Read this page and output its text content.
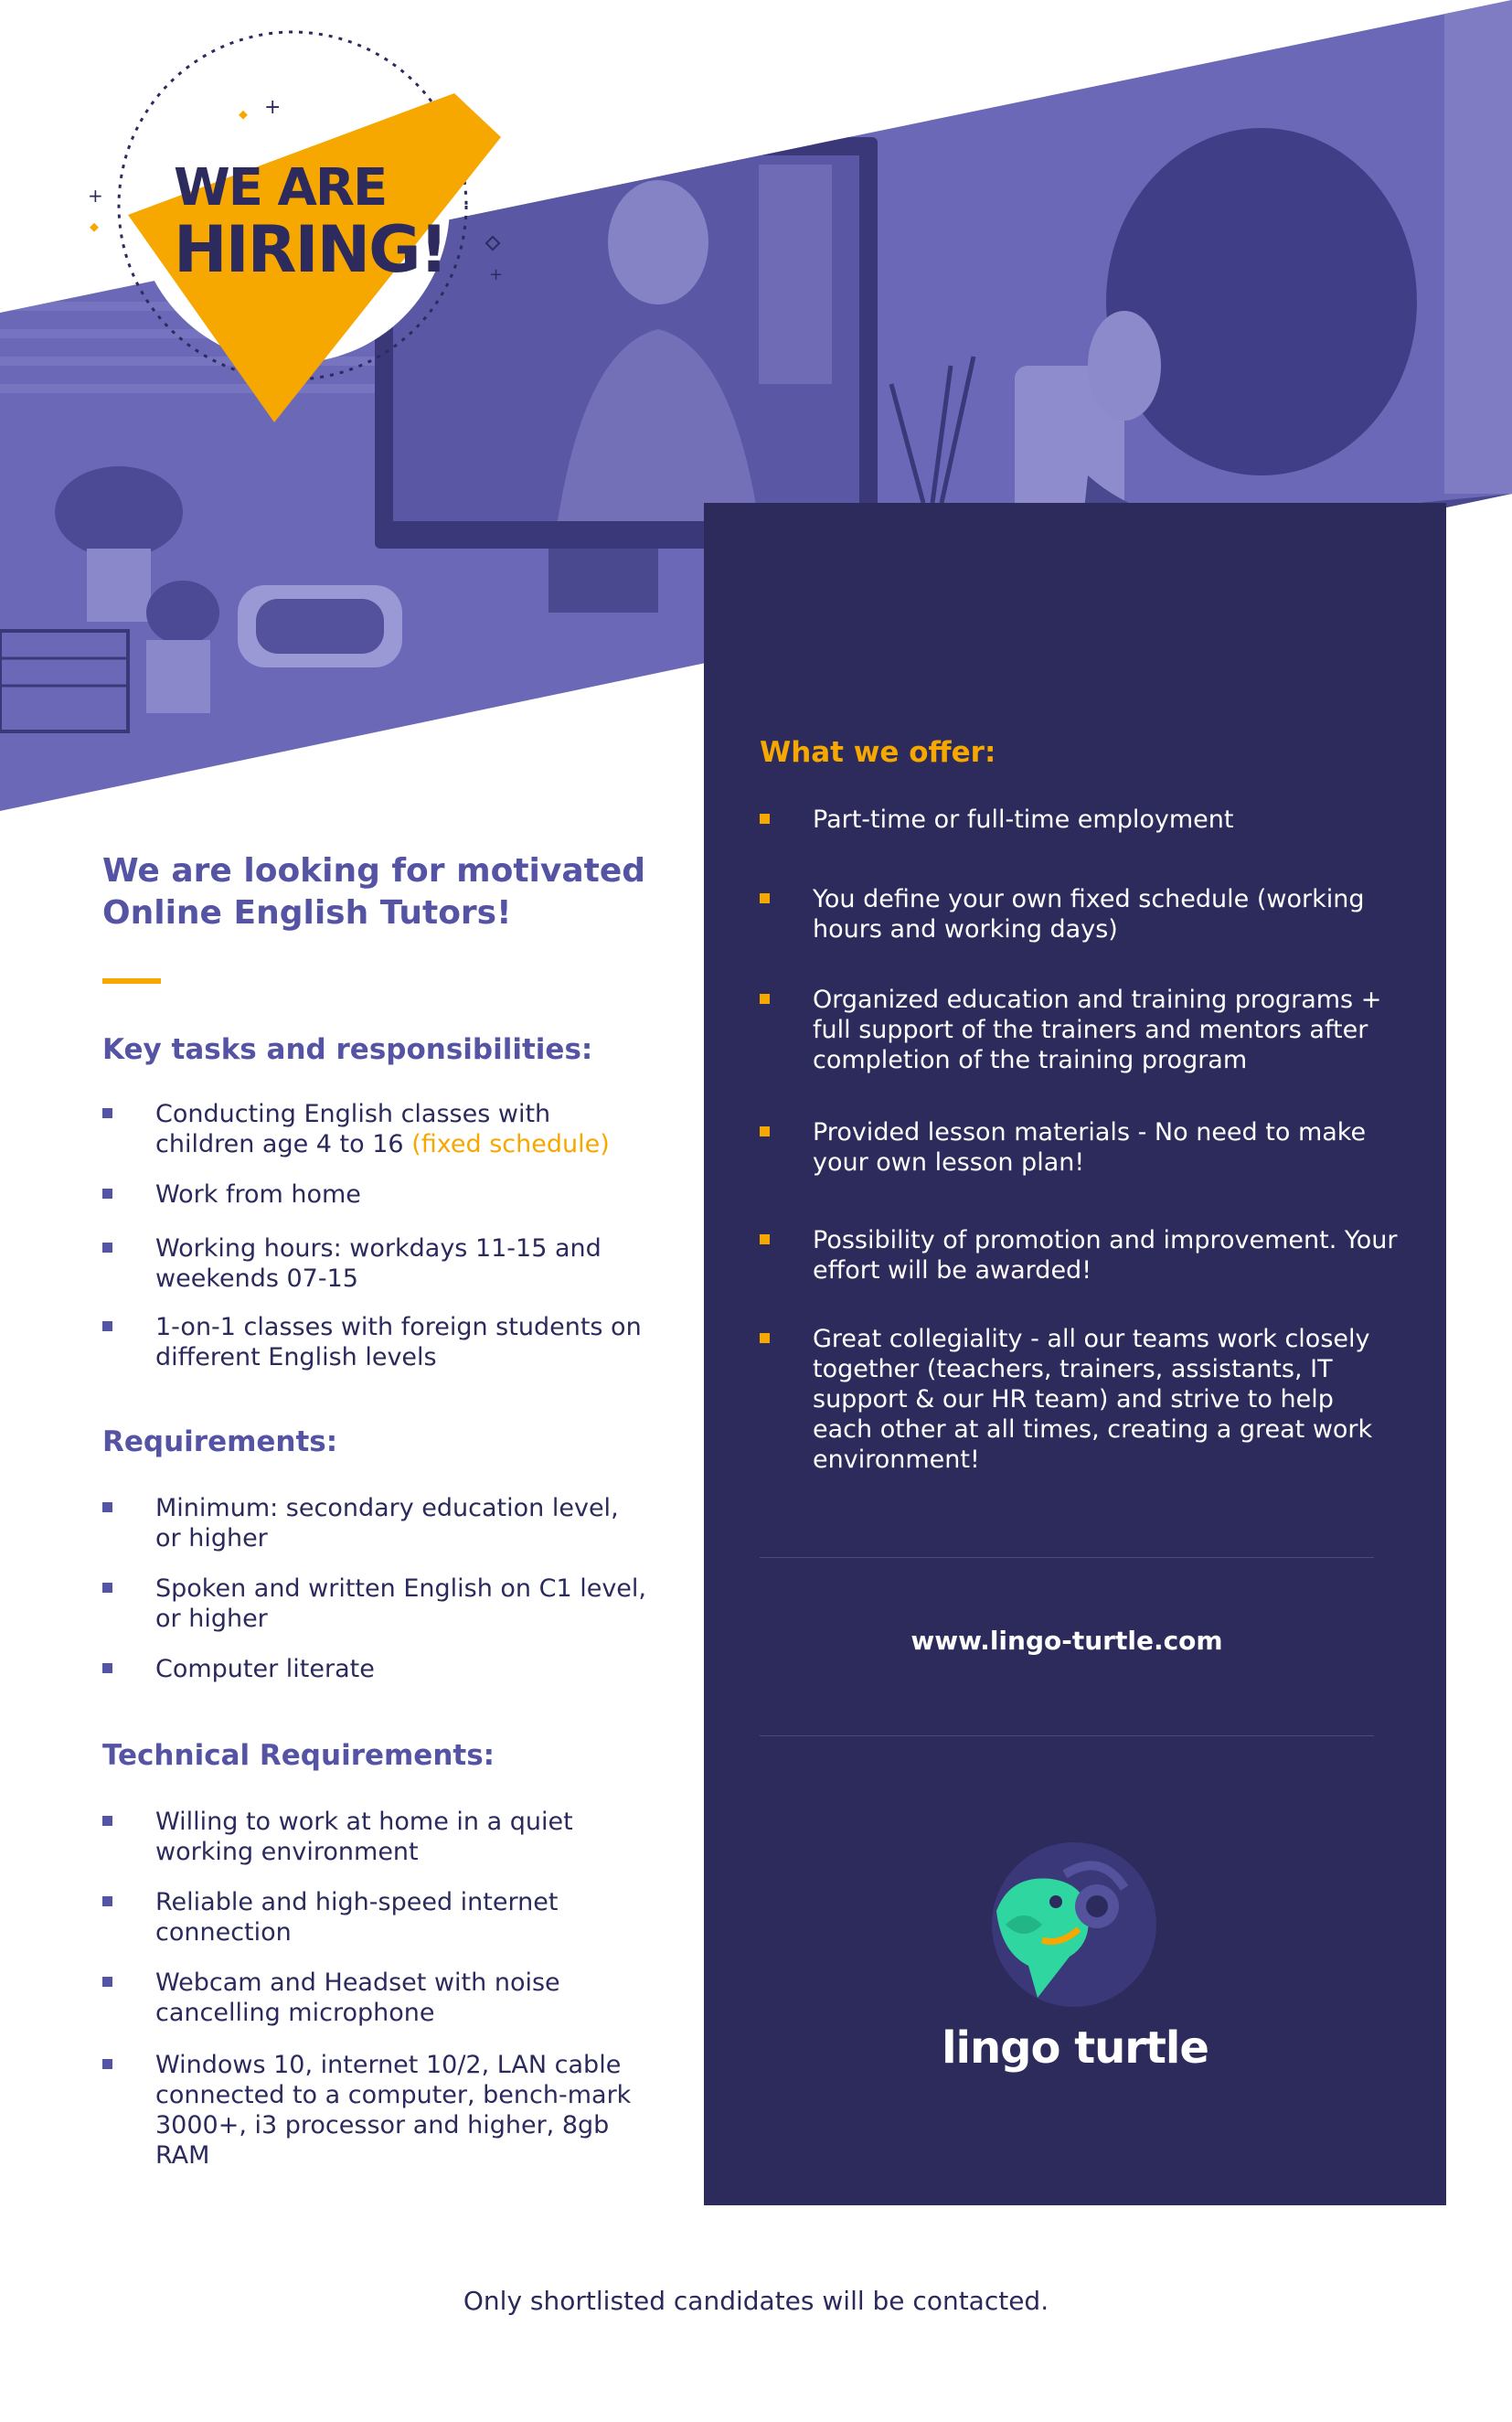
+
+
+
+
WE ARE
HIRING!
We are looking for motivated Online English Tutors!
Key tasks and responsibilities:
Conducting English classes with children age 4 to 16 (fixed schedule)
Work from home
Working hours: workdays 11-15 and weekends 07-15
1-on-1 classes with foreign students on different English levels
Requirements:
Minimum: secondary education level, or higher
Spoken and written English on C1 level, or higher
Computer literate
Technical Requirements:
Willing to work at home in a quiet working environment
Reliable and high-speed internet connection
Webcam and Headset with noise cancelling microphone
Windows 10, internet 10/2, LAN cable connected to a computer, bench-mark 3000+, i3 processor and higher, 8gb RAM
What we offer:
Part-time or full-time employment
You define your own fixed schedule (working hours and working days)
Organized education and training programs + full support of the trainers and mentors after completion of the training program
Provided lesson materials - No need to make your own lesson plan!
Possibility of promotion and improvement. Your effort will be awarded!
Great collegiality - all our teams work closely together (teachers, trainers, assistants, IT support & our HR team) and strive to help each other at all times, creating a great work environment!
www.lingo-turtle.com
lingo turtle
Only shortlisted candidates will be contacted.
